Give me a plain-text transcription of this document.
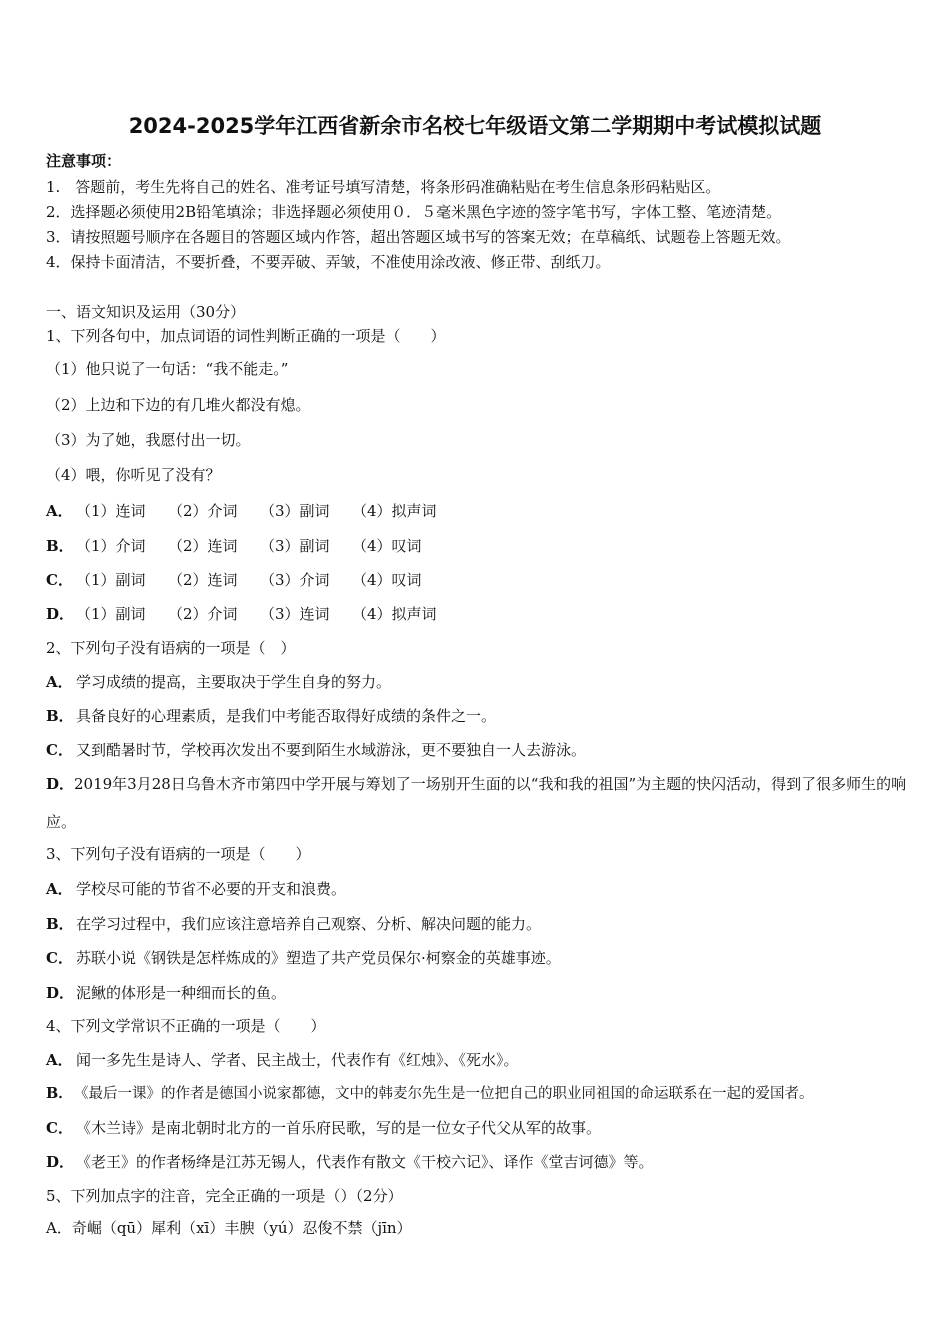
2024-2025学年江西省新余市名校七年级语文第二学期期中考试模拟试题
注意事项：
1.　答题前，考生先将自己的姓名、准考证号填写清楚，将条形码准确粘贴在考生信息条形码粘贴区。
2．选择题必须使用2B铅笔填涂；非选择题必须使用０．５毫米黑色字迹的签字笔书写，字体工整、笔迹清楚。
3．请按照题号顺序在各题目的答题区域内作答，超出答题区域书写的答案无效；在草稿纸、试题卷上答题无效。
4．保持卡面清洁，不要折叠，不要弄破、弄皱，不准使用涂改液、修正带、刮纸刀。
一、语文知识及运用（30分）
1、下列各句中，加点词语的词性判断正确的一项是（　　）
（1）他只说了一句话：“我不能走。”
（2）上边和下边的有几堆火都没有熄。
（3）为了她，我愿付出一切。
（4）喂，你听见了没有？
A． （1）连词 （2）介词 （3）副词 （4）拟声词
B． （1）介词 （2）连词 （3）副词 （4）叹词
C． （1）副词 （2）连词 （3）介词 （4）叹词
D． （1）副词 （2）介词 （3）连词 （4）拟声词
2、下列句子没有语病的一项是（　）
A． 学习成绩的提高，主要取决于学生自身的努力。
B． 具备良好的心理素质，是我们中考能否取得好成绩的条件之一。
C． 又到酷暑时节，学校再次发出不要到陌生水域游泳，更不要独自一人去游泳。
D．2019年3月28日乌鲁木齐市第四中学开展与筹划了一场别开生面的以“我和我的祖国”为主题的快闪活动，得到了很多师生的响应。
3、下列句子没有语病的一项是（　　）
A． 学校尽可能的节省不必要的开支和浪费。
B． 在学习过程中，我们应该注意培养自己观察、分析、解决问题的能力。
C． 苏联小说《钢铁是怎样炼成的》塑造了共产党员保尔·柯察金的英雄事迹。
D． 泥鳅的体形是一种细而长的鱼。
4、下列文学常识不正确的一项是（　　）
A． 闻一多先生是诗人、学者、民主战士，代表作有《红烛》、《死水》。
B．《最后一课》的作者是德国小说家都德，文中的韩麦尔先生是一位把自己的职业同祖国的命运联系在一起的爱国者。
C． 《木兰诗》是南北朝时北方的一首乐府民歌，写的是一位女子代父从军的故事。
D． 《老王》的作者杨绛是江苏无锡人，代表作有散文《干校六记》、译作《堂吉诃德》等。
5、下列加点字的注音，完全正确的一项是（）（2分）
A．奇崛（qū）犀利（xī）丰腴（yú）忍俊不禁（jīn）
